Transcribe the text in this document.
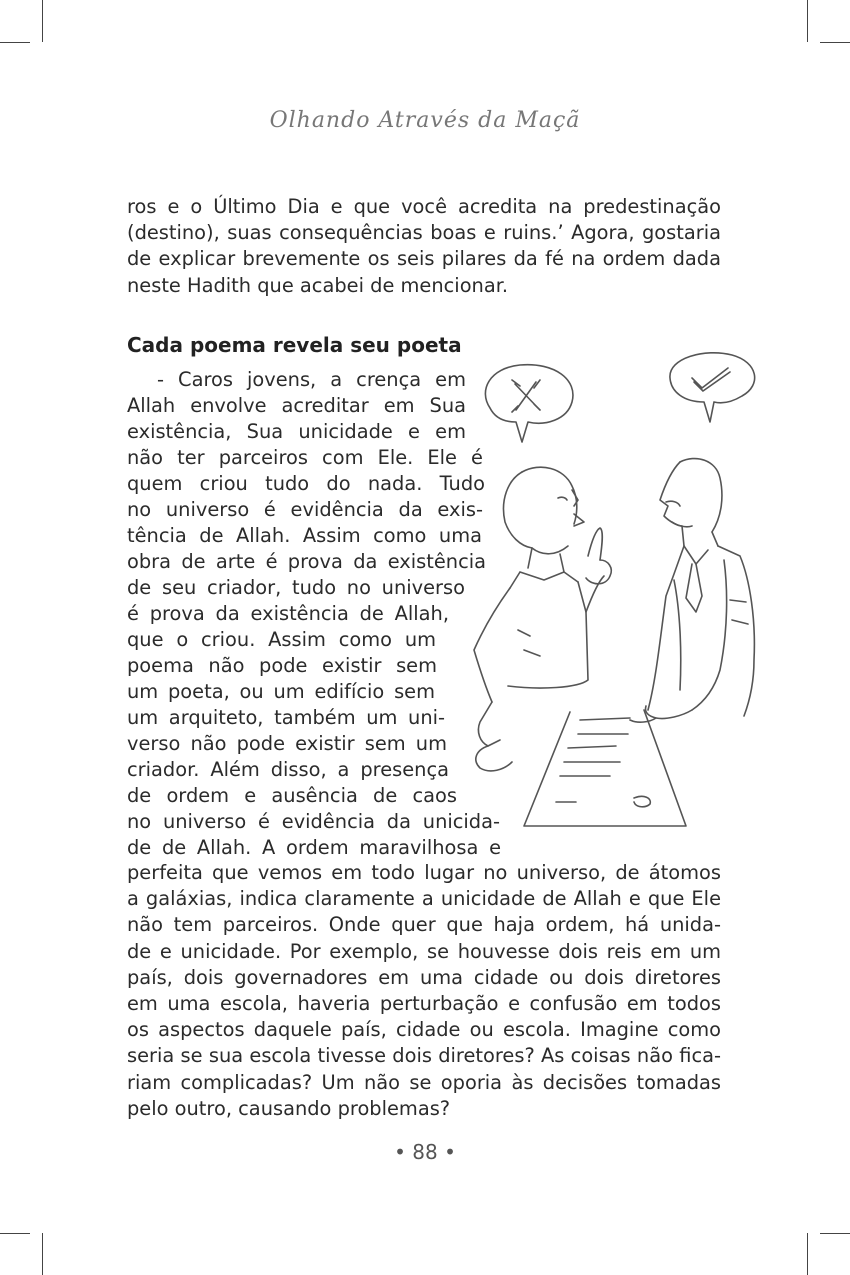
Olhando Através da Maçã
ros e o Último Dia e que você acredita na predestinação
(destino), suas consequências boas e ruins.’ Agora, gostaria
de explicar brevemente os seis pilares da fé na ordem dada
neste Hadith que acabei de mencionar.
Cada poema revela seu poeta
- Caros jovens, a crença em
Allah envolve acreditar em Sua
existência, Sua unicidade e em
não ter parceiros com Ele. Ele é
quem criou tudo do nada. Tudo
no universo é evidência da exis-
tência de Allah. Assim como uma
obra de arte é prova da existência
de seu criador, tudo no universo
é prova da existência de Allah,
que o criou. Assim como um
poema não pode existir sem
um poeta, ou um edifício sem
um arquiteto, também um uni-
verso não pode existir sem um
criador. Além disso, a presença
de ordem e ausência de caos
no universo é evidência da unicida-
de de Allah. A ordem maravilhosa e
perfeita que vemos em todo lugar no universo, de átomos
a galáxias, indica claramente a unicidade de Allah e que Ele
não tem parceiros. Onde quer que haja ordem, há unida-
de e unicidade. Por exemplo, se houvesse dois reis em um
país, dois governadores em uma cidade ou dois diretores
em uma escola, haveria perturbação e confusão em todos
os aspectos daquele país, cidade ou escola. Imagine como
seria se sua escola tivesse dois diretores? As coisas não fica-
riam complicadas? Um não se oporia às decisões tomadas
pelo outro, causando problemas?
• 88 •
